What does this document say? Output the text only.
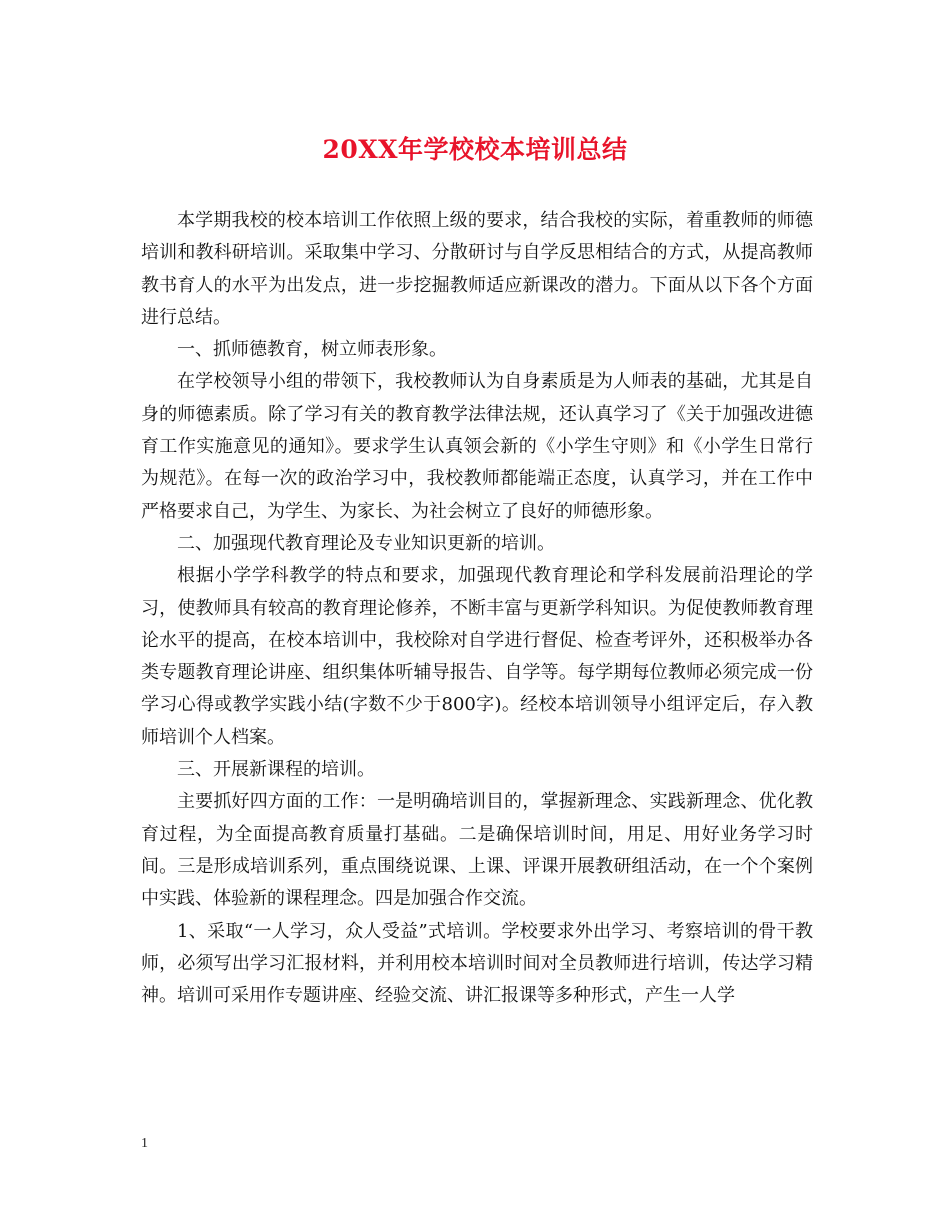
20XX年学校校本培训总结

本学期我校的校本培训工作依照上级的要求，结合我校的实际，着重教师的师德培训和教科研培训。采取集中学习、分散研讨与自学反思相结合的方式，从提高教师教书育人的水平为出发点，进一步挖掘教师适应新课改的潜力。下面从以下各个方面进行总结。

一、抓师德教育，树立师表形象。

在学校领导小组的带领下，我校教师认为自身素质是为人师表的基础，尤其是自身的师德素质。除了学习有关的教育教学法律法规，还认真学习了《关于加强改进德育工作实施意见的通知》。要求学生认真领会新的《小学生守则》和《小学生日常行为规范》。在每一次的政治学习中，我校教师都能端正态度，认真学习，并在工作中严格要求自己，为学生、为家长、为社会树立了良好的师德形象。

二、加强现代教育理论及专业知识更新的培训。

根据小学学科教学的特点和要求，加强现代教育理论和学科发展前沿理论的学习，使教师具有较高的教育理论修养，不断丰富与更新学科知识。为促使教师教育理论水平的提高，在校本培训中，我校除对自学进行督促、检查考评外，还积极举办各类专题教育理论讲座、组织集体听辅导报告、自学等。每学期每位教师必须完成一份学习心得或教学实践小结(字数不少于800字)。经校本培训领导小组评定后，存入教师培训个人档案。

三、开展新课程的培训。

主要抓好四方面的工作：一是明确培训目的，掌握新理念、实践新理念、优化教育过程，为全面提高教育质量打基础。二是确保培训时间，用足、用好业务学习时间。三是形成培训系列，重点围绕说课、上课、评课开展教研组活动，在一个个案例中实践、体验新的课程理念。四是加强合作交流。

1、采取“一人学习，众人受益”式培训。学校要求外出学习、考察培训的骨干教师，必须写出学习汇报材料，并利用校本培训时间对全员教师进行培训，传达学习精神。培训可采用作专题讲座、经验交流、讲汇报课等多种形式，产生一人学

1
